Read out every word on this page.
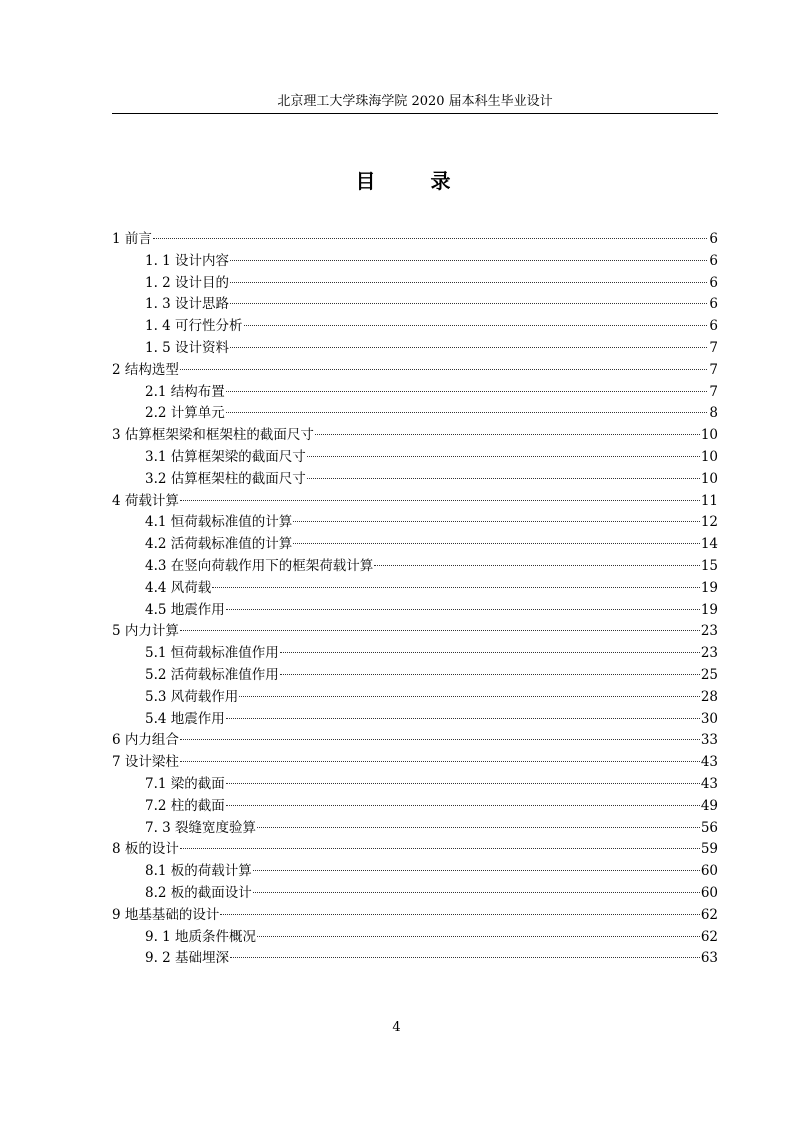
北京理工大学珠海学院 2020 届本科生毕业设计
目 录
1 前言	6
1. 1 设计内容	6
1. 2 设计目的	6
1. 3 设计思路	6
1. 4 可行性分析	6
1. 5 设计资料	7
2 结构选型	7
2.1 结构布置	7
2.2 计算单元	8
3 估算框架梁和框架柱的截面尺寸	10
3.1 估算框架梁的截面尺寸	10
3.2 估算框架柱的截面尺寸	10
4 荷载计算	11
4.1 恒荷载标准值的计算	12
4.2 活荷载标准值的计算	14
4.3 在竖向荷载作用下的框架荷载计算	15
4.4 风荷载	19
4.5 地震作用	19
5 内力计算	23
5.1 恒荷载标准值作用	23
5.2 活荷载标准值作用	25
5.3 风荷载作用	28
5.4 地震作用	30
6 内力组合	33
7 设计梁柱	43
7.1 梁的截面	43
7.2 柱的截面	49
7. 3 裂缝宽度验算	56
8 板的设计	59
8.1 板的荷载计算	60
8.2 板的截面设计	60
9 地基基础的设计	62
9. 1 地质条件概况	62
9. 2 基础埋深	63
4
